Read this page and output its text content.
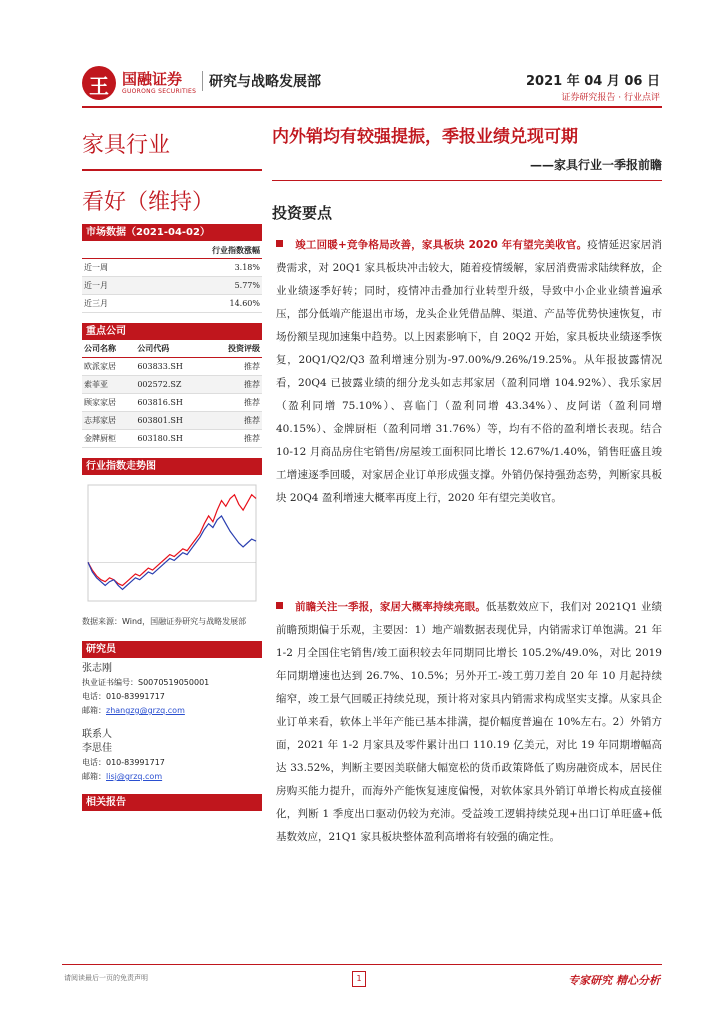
王 国融证券
GUORONG SECURITIES
研究与战略发展部	2021 年 04 月 06 日
证券研究报告 · 行业点评
家具行业
看好（维持）
市场数据（2021-04-02）
行业指数涨幅
近一周	3.18%
近一月	5.77%
近三月	14.60%
重点公司
公司名称	公司代码	投资评级
欧派家居	603833.SH	推荐
索菲亚	002572.SZ	推荐
顾家家居	603816.SH	推荐
志邦家居	603801.SH	推荐
金牌厨柜	603180.SH	推荐
行业指数走势图
数据来源：Wind，国融证券研究与战略发展部
研究员
张志刚
执业证书编号：S0070519050001
电话：010-83991717
邮箱：zhangzg@grzq.com
联系人
李思佳
电话：010-83991717
邮箱：lisj@grzq.com
相关报告
内外销均有较强提振，季报业绩兑现可期
——家具行业一季报前瞻
投资要点
竣工回暖+竞争格局改善，家具板块 2020 年有望完美收官。疫情延迟家居消费需求，对 20Q1 家具板块冲击较大，随着疫情缓解，家居消费需求陆续释放，企业业绩逐季好转；同时，疫情冲击叠加行业转型升级，导致中小企业业绩普遍承压，部分低端产能退出市场，龙头企业凭借品牌、渠道、产品等优势快速恢复，市场份额呈现加速集中趋势。以上因素影响下，自 20Q2 开始，家具板块业绩逐季恢复，20Q1/Q2/Q3 盈利增速分别为-97.00%/9.26%/19.25%。从年报披露情况看，20Q4 已披露业绩的细分龙头如志邦家居（盈利同增 104.92%）、我乐家居（盈利同增 75.10%）、喜临门（盈利同增 43.34%）、皮阿诺（盈利同增 40.15%）、金牌厨柜（盈利同增 31.76%）等，均有不俗的盈利增长表现。结合 10-12 月商品房住宅销售/房屋竣工面积同比增长 12.67%/1.40%，销售旺盛且竣工增速逐季回暖，对家居企业订单形成强支撑。外销仍保持强劲态势，判断家具板块 20Q4 盈利增速大概率再度上行，2020 年有望完美收官。
前瞻关注一季报，家居大概率持续亮眼。低基数效应下，我们对 2021Q1 业绩前瞻预期偏于乐观，主要因：1）地产端数据表现优异，内销需求订单饱满。21 年 1-2 月全国住宅销售/竣工面积较去年同期同比增长 105.2%/49.0%，对比 2019 年同期增速也达到 26.7%、10.5%；另外开工-竣工剪刀差自 20 年 10 月起持续缩窄，竣工景气回暖正持续兑现，预计将对家具内销需求构成坚实支撑。从家具企业订单来看，软体上半年产能已基本排满，提价幅度普遍在 10%左右。2）外销方面，2021 年 1-2 月家具及零件累计出口 110.19 亿美元，对比 19 年同期增幅高达 33.52%，判断主要因美联储大幅宽松的货币政策降低了购房融资成本，居民住房购买能力提升，而海外产能恢复速度偏慢，对软体家具外销订单增长构成直接催化，判断 1 季度出口驱动仍较为充沛。受益竣工逻辑持续兑现+出口订单旺盛+低基数效应，21Q1 家具板块整体盈利高增将有较强的确定性。
请阅读最后一页的免责声明	1	专家研究 精心分析
